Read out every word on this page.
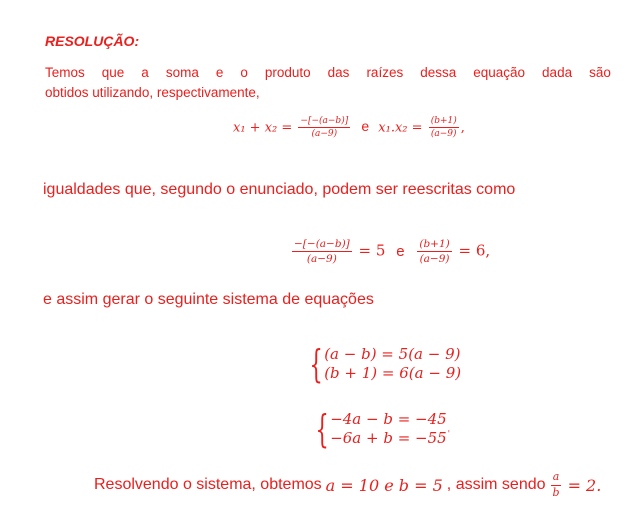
RESOLUÇÃO:
Temos que a soma e o produto das raízes dessa equação dada são
obtidos utilizando, respectivamente,
$x_1 + x_2 = \frac{-[-(a-b)]}{(a-9)}$ e $x_1.x_2 = \frac{(b+1)}{(a-9)}$ ,
igualdades que, segundo o enunciado, podem ser reescritas como
$\frac{-[-(a-b)]}{(a-9)} = 5$ e $\frac{(b+1)}{(a-9)} = 6$,
e assim gerar o seguinte sistema de equações
{ (a − b) = 5(a − 9)
(b + 1) = 6(a − 9)
{ −4a − b = −45
−6a + b = −55'
Resolvendo o sistema, obtemos a = 10 e b = 5 , assim sendo $\frac{a}{b} = 2$.
